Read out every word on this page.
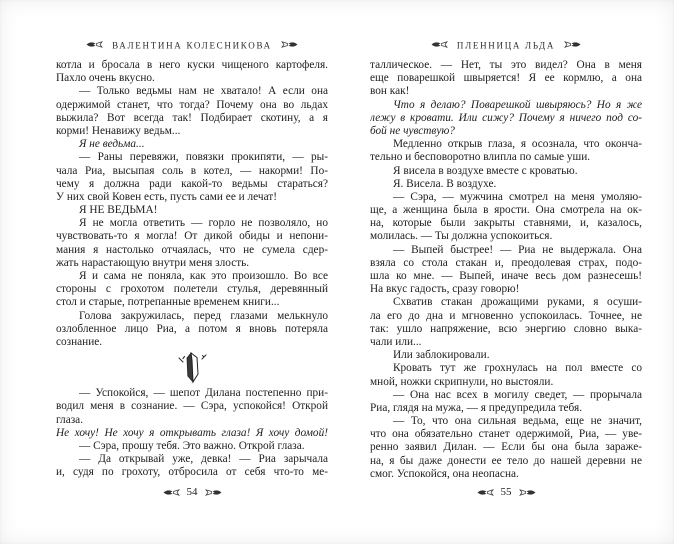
ВАЛЕНТИНА КОЛЕСНИКОВА
котла и бросала в него куски чищеного картофеля.
Пахло очень вкусно.
— Только ведьмы нам не хватало! А если она
одержимой станет, что тогда? Почему она во льдах
выжила? Вот всегда так! Подбирает скотину, а я
корми! Ненавижу ведьм...
Я не ведьма...
— Раны перевяжи, повязки прокипяти, — ры-
чала Риа, высыпая соль в котел, — накорми! По-
чему я должна ради какой-то ведьмы стараться?
У них свой Ковен есть, пусть сами ее и лечат!
Я НЕ ВЕДЬМА!
Я не могла ответить — горло не позволяло, но
чувствовать-то я могла! От дикой обиды и непони-
мания я настолько отчаялась, что не сумела сдер-
жать нарастающую внутри меня злость.
Я и сама не поняла, как это произошло. Во все
стороны с грохотом полетели стулья, деревянный
стол и старые, потрепанные временем книги...
Голова закружилась, перед глазами мелькнуло
озлобленное лицо Риа, а потом я вновь потеряла
сознание.
— Успокойся, — шепот Дилана постепенно при-
водил меня в сознание. — Сэра, успокойся! Открой
глаза.
Не хочу! Не хочу я открывать глаза! Я хочу домой!
— Сэра, прошу тебя. Это важно. Открой глаза.
— Да открывай уже, девка! — Риа зарычала
и, судя по грохоту, отбросила от себя что-то ме-
54
ПЛЕННИЦА ЛЬДА
таллическое. — Нет, ты это видел? Она в меня
еще поварешкой швыряется! Я ее кормлю, а она
вон как!
Что я делаю? Поварешкой швыряюсь? Но я же
лежу в кровати. Или сижу? Почему я ничего под со-
бой не чувствую?
Медленно открыв глаза, я осознала, что оконча-
тельно и бесповоротно влипла по самые уши.
Я висела в воздухе вместе с кроватью.
Я. Висела. В воздухе.
— Сэра, — мужчина смотрел на меня умоляю-
ще, а женщина была в ярости. Она смотрела на ок-
на, которые были закрыты ставнями, и, казалось,
молилась. — Ты должна успокоиться.
— Выпей быстрее! — Риа не выдержала. Она
взяла со стола стакан и, преодолевая страх, подо-
шла ко мне. — Выпей, иначе весь дом разнесешь!
На вкус гадость, сразу говорю!
Схватив стакан дрожащими руками, я осуши-
ла его до дна и мгновенно успокоилась. Точнее, не
так: ушло напряжение, всю энергию словно выка-
чали или...
Или заблокировали.
Кровать тут же грохнулась на пол вместе со
мной, ножки скрипнули, но выстояли.
— Она нас всех в могилу сведет, — прорычала
Риа, глядя на мужа, — я предупредила тебя.
— То, что она сильная ведьма, еще не значит,
что она обязательно станет одержимой, Риа, — уве-
ренно заявил Дилан. — Если бы она была зараже-
на, я бы даже донести ее тело до нашей деревни не
смог. Успокойся, она неопасна.
55
